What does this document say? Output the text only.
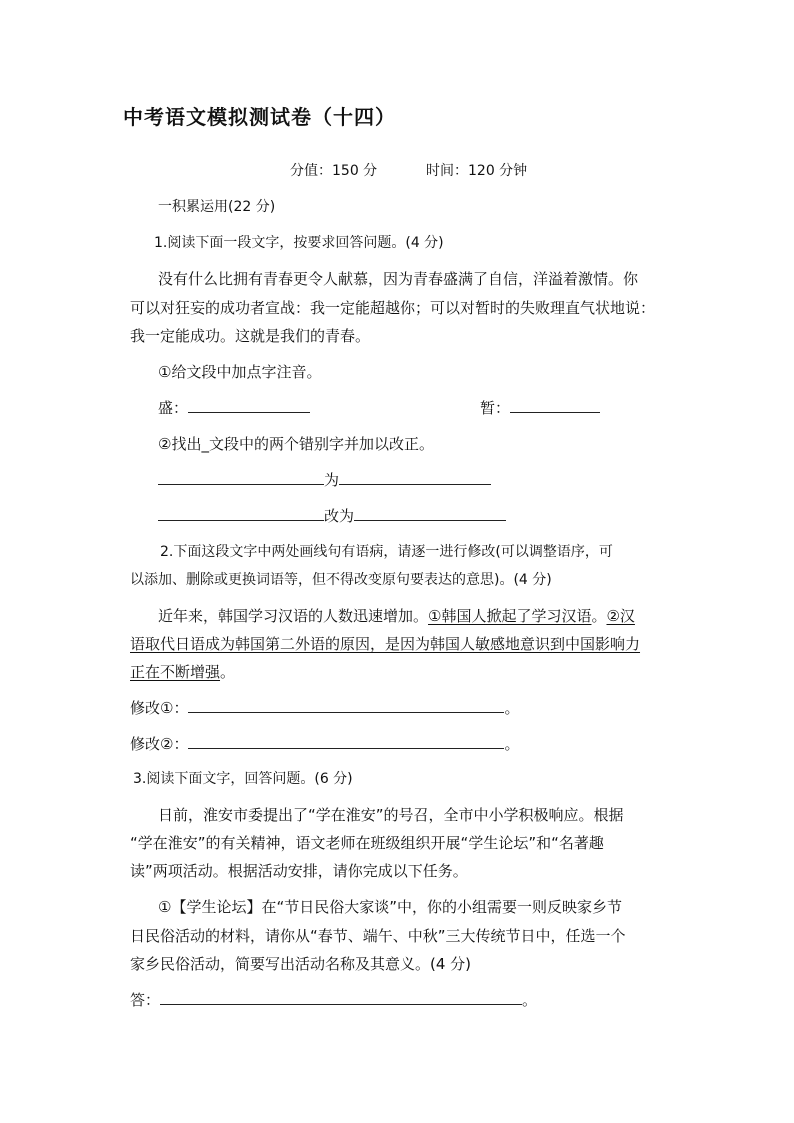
中考语文模拟测试卷（十四）
分值：150 分	时间：120 分钟
一积累运用(22 分)
1.阅读下面一段文字，按要求回答问题。(4 分)
没有什么比拥有青春更令人献慕，因为青春盛满了自信，洋溢着激情。你
可以对狂妄的成功者宣战：我一定能超越你；可以对暂时的失败理直气状地说：
我一定能成功。这就是我们的青春。
①给文段中加点字注音。
盛：	暂：
②找出_文段中的两个错别字并加以改正。
为
改为
2.下面这段文字中两处画线句有语病，请逐一进行修改(可以调整语序，可
以添加、删除或更换词语等，但不得改变原句要表达的意思)。(4 分)
近年来，韩国学习汉语的人数迅速增加。①韩国人掀起了学习汉语。②汉
语取代日语成为韩国第二外语的原因，是因为韩国人敏感地意识到中国影响力
正在不断增强。
修改①：	。
修改②：	。
3.阅读下面文字，回答问题。(6 分)
日前，淮安市委提出了“学在淮安”的号召，全市中小学积极响应。根据
“学在淮安”的有关精神，语文老师在班级组织开展“学生论坛”和“名著趣
读”两项活动。根据活动安排，请你完成以下任务。
①【学生论坛】在“节日民俗大家谈”中，你的小组需要一则反映家乡节
日民俗活动的材料，请你从“春节、端午、中秋”三大传统节日中，任选一个
家乡民俗活动，简要写出活动名称及其意义。(4 分)
答：	。
